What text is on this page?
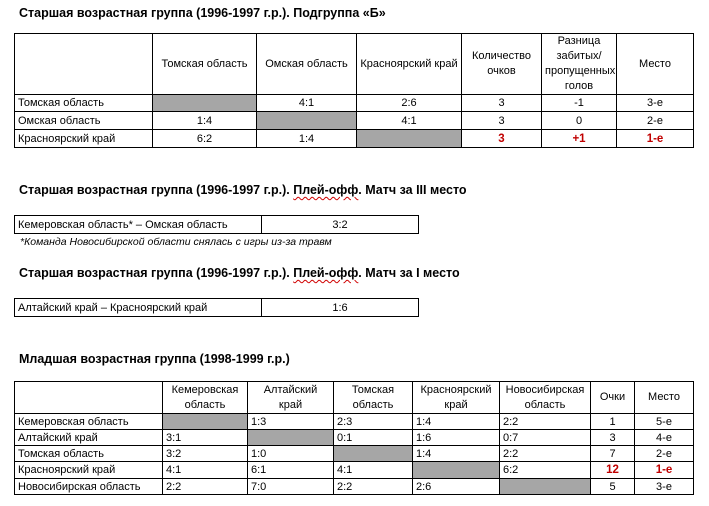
Старшая возрастная группа (1996-1997 г.р.). Подгруппа «Б»
	Томская область	Омская область	Красноярский край	Количество очков	Разница забитых/ пропущенных голов	Место
Томская область		4:1	2:6	3	-1	3-е
Омская область	1:4		4:1	3	0	2-е
Красноярский край	6:2	1:4		3	+1	1-е
Старшая возрастная группа (1996-1997 г.р.). Плей-офф. Матч за III место
Кемеровская область* – Омская область	3:2
*Команда Новосибирской области снялась с игры из-за травм
Старшая возрастная группа (1996-1997 г.р.). Плей-офф. Матч за I место
Алтайский край – Красноярский край	1:6
Младшая возрастная группа (1998-1999 г.р.)
	Кемеровская область	Алтайский край	Томская область	Красноярский край	Новосибирская область	Очки	Место
Кемеровская область		1:3	2:3	1:4	2:2	1	5-е
Алтайский край	3:1		0:1	1:6	0:7	3	4-е
Томская область	3:2	1:0		1:4	2:2	7	2-е
Красноярский край	4:1	6:1	4:1		6:2	12	1-е
Новосибирская область	2:2	7:0	2:2	2:6		5	3-е
